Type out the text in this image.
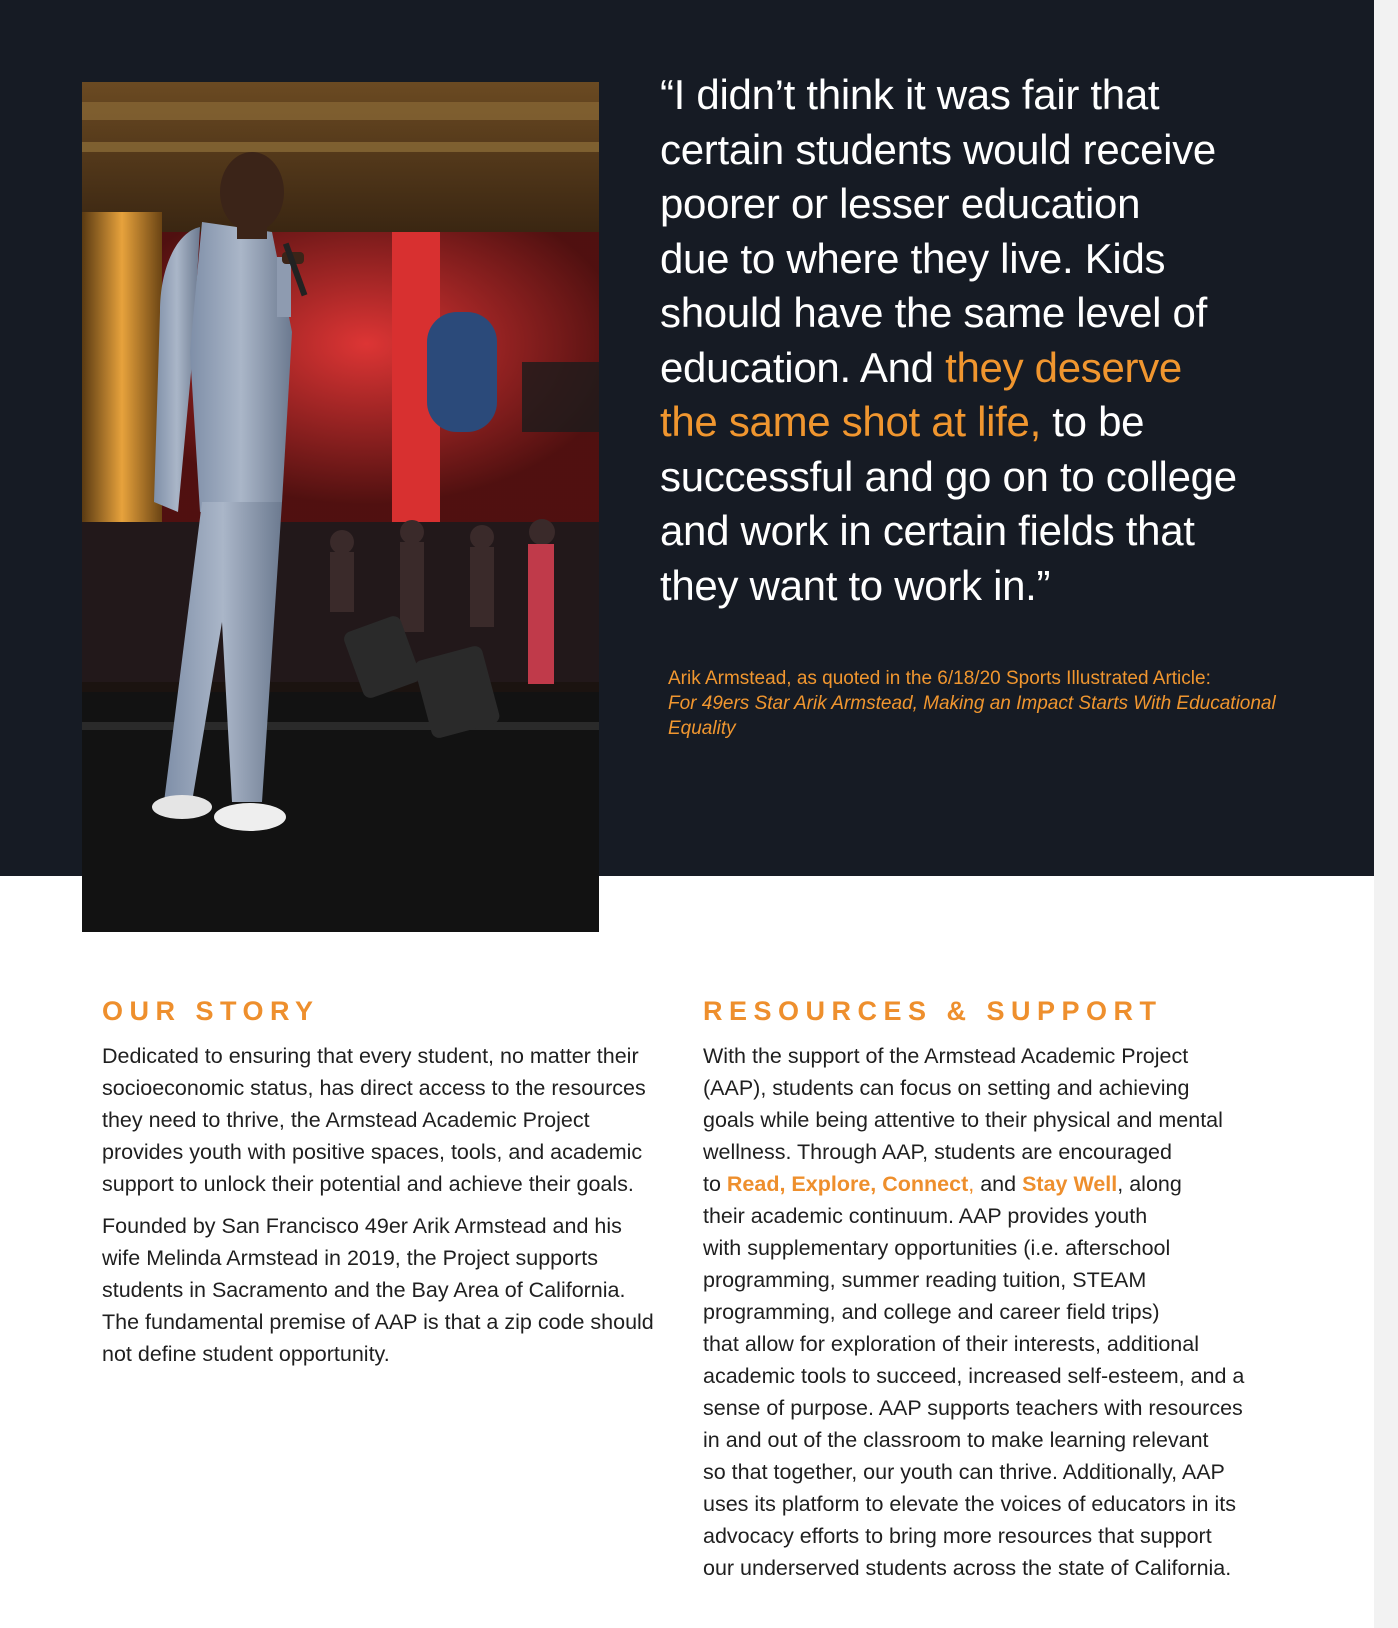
“I didn’t think it was fair that
certain students would receive
poorer or lesser education
due to where they live. Kids
should have the same level of
education. And they deserve
the same shot at life, to be
successful and go on to college
and work in certain fields that
they want to work in.”
Arik Armstead, as quoted in the 6/18/20 Sports Illustrated Article:
For 49ers Star Arik Armstead, Making an Impact Starts With Educational Equality
OUR STORY

Dedicated to ensuring that every student, no matter their socioeconomic status, has direct access to the resources they need to thrive, the Armstead Academic Project provides youth with positive spaces, tools, and academic support to unlock their potential and achieve their goals.

Founded by San Francisco 49er Arik Armstead and his wife Melinda Armstead in 2019, the Project supports students in Sacramento and the Bay Area of California. The fundamental premise of AAP is that a zip code should not define student opportunity.

RESOURCES & SUPPORT

With the support of the Armstead Academic Project
(AAP), students can focus on setting and achieving
goals while being attentive to their physical and mental
wellness. Through AAP, students are encouraged
to Read, Explore, Connect, and Stay Well, along
their academic continuum. AAP provides youth
with supplementary opportunities (i.e. afterschool
programming, summer reading tuition, STEAM
programming, and college and career field trips)
that allow for exploration of their interests, additional
academic tools to succeed, increased self-esteem, and a
sense of purpose. AAP supports teachers with resources
in and out of the classroom to make learning relevant
so that together, our youth can thrive. Additionally, AAP
uses its platform to elevate the voices of educators in its
advocacy efforts to bring more resources that support
our underserved students across the state of California.
